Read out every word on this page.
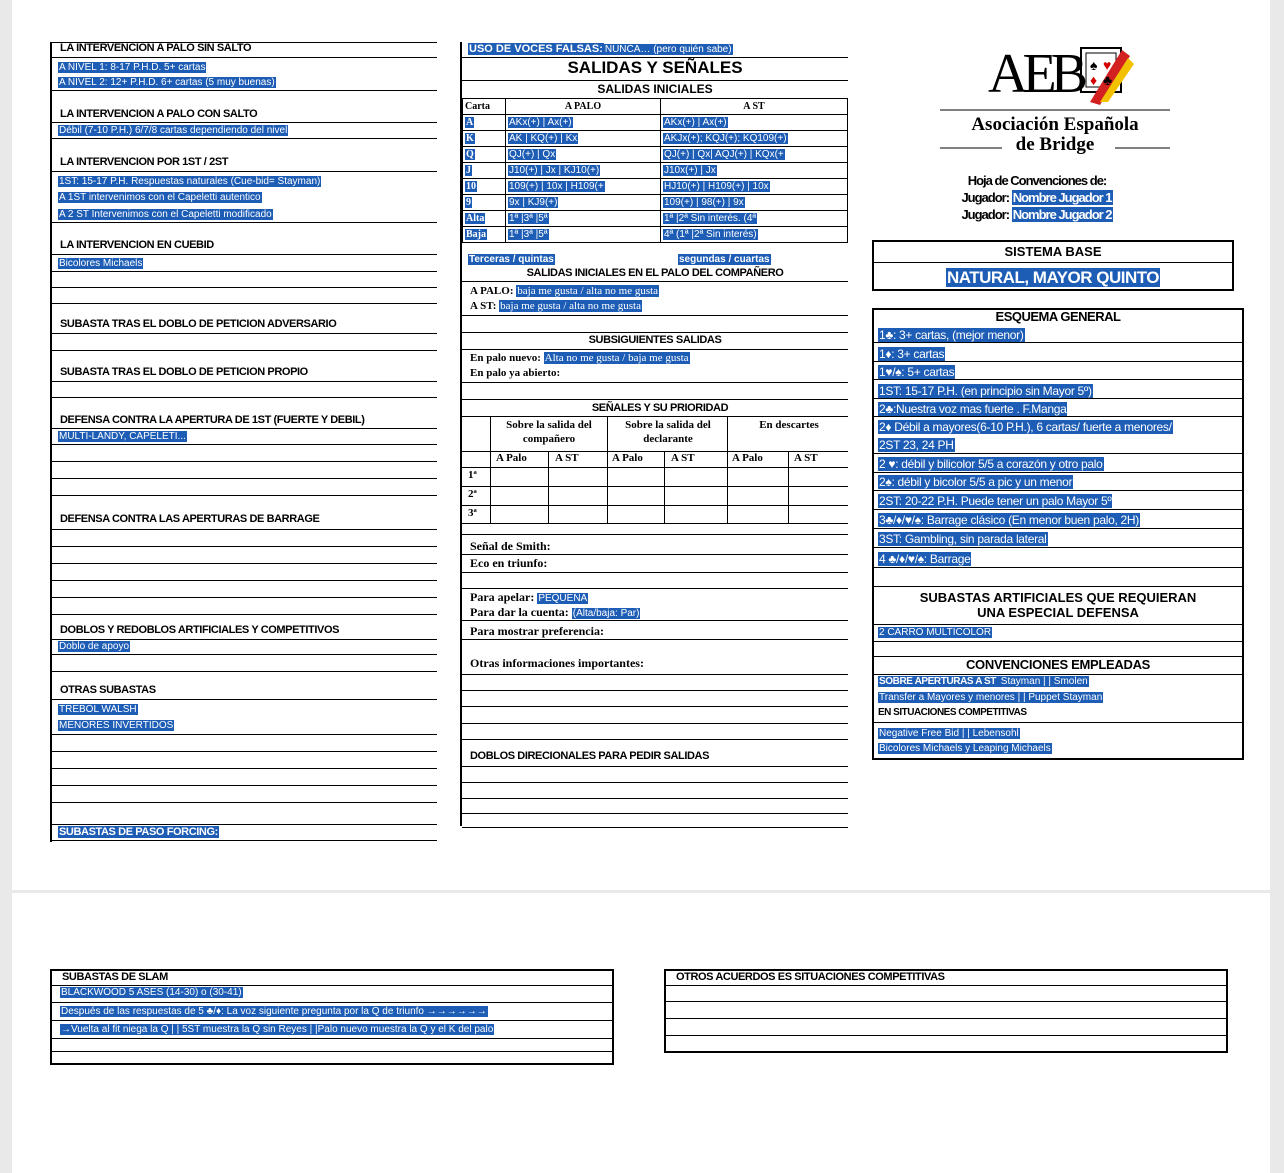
LA INTERVENCION A PALO SIN SALTO
A NIVEL 1: 8-17 P.H.D. 5+ cartas
A NIVEL 2: 12+ P.H.D. 6+ cartas (5 muy buenas)
LA INTERVENCION A PALO CON SALTO
Débil (7-10 P.H.) 6/7/8 cartas dependiendo del nivel
LA INTERVENCION POR 1ST / 2ST
1ST: 15-17 P.H. Respuestas naturales (Cue-bid= Stayman)
A 1ST intervenimos con el Capeletti autentico
A 2 ST Intervenimos con el Capeletti modificado
LA INTERVENCION EN CUEBID
Bicolores Michaels
SUBASTA TRAS EL DOBLO DE PETICION ADVERSARIO
SUBASTA TRAS EL DOBLO DE PETICION PROPIO
DEFENSA CONTRA LA APERTURA DE 1ST (FUERTE Y DEBIL)
MULTI-LANDY, CAPELETI...
DEFENSA CONTRA LAS APERTURAS DE BARRAGE
DOBLOS Y REDOBLOS ARTIFICIALES Y COMPETITIVOS
Doblo de apoyo
OTRAS SUBASTAS
TREBOL WALSH
MENORES INVERTIDOS
SUBASTAS DE PASO FORCING:
USO DE VOCES FALSAS: NUNCA… (pero quién sabe)
SALIDAS Y SEÑALES
SALIDAS INICIALES
Carta	A PALO	A ST
A	AKx(+) | Ax(+)	AKx(+) | Ax(+)
K	AK | KQ(+) | Kx	AKJx(+); KQJ(+); KQ109(+)
Q	QJ(+) | Qx	QJ(+) | Qx| AQJ(+) | KQx(+
J	J10(+) | Jx | KJ10(+)	J10x(+) | Jx
10	109(+) | 10x | H109(+	HJ10(+) | H109(+) | 10x
9	9x | KJ9(+)	109(+) | 98(+) | 9x
Alta	1ª |3ª |5ª	1ª |2ª Sin interés. (4ª
Baja	1ª |3ª |5ª	4ª (1ª |2ª Sin interés)
Terceras / quintas	segundas / cuartas
SALIDAS INICIALES EN EL PALO DEL COMPAÑERO
A PALO: baja me gusta / alta no me gusta
A ST: baja me gusta / alta no me gusta
SUBSIGUIENTES SALIDAS
En palo nuevo: Alta no me gusta / baja me gusta
En palo ya abierto:
SEÑALES Y SU PRIORIDAD
Sobre la salida del compañero
Sobre la salida del declarante
En descartes
A Palo	A ST	A Palo	A ST	A Palo	A ST
1ª
2ª
3ª
Señal de Smith:
Eco en triunfo:
Para apelar: PEQUEÑA
Para dar la cuenta: (Alta/baja: Par)
Para mostrar preferencia:
Otras informaciones importantes:
DOBLOS DIRECIONALES PARA PEDIR SALIDAS
♠ ♥
♦ ♣
AEB
Asociación Española
de Bridge
Hoja de Convenciones de:
Jugador: Nombre Jugador 1
Jugador: Nombre Jugador 2
SISTEMA BASE
NATURAL, MAYOR QUINTO
ESQUEMA GENERAL
1♣: 3+ cartas, (mejor menor)
1♦: 3+ cartas
1♥/♠: 5+ cartas
1ST: 15-17 P.H. (en principio sin Mayor 5º)
2♣:Nuestra voz mas fuerte . F.Manga
2♦ Débil a mayores(6-10 P.H.), 6 cartas/ fuerte a menores/
2ST 23, 24 PH
2 ♥: débil y bilicolor 5/5 a corazón y otro palo
2♠: débil y bicolor 5/5 a pic y un menor
2ST: 20-22 P.H. Puede tener un palo Mayor 5º
3♣/♦/♥/♠: Barrage clásico (En menor buen palo, 2H)
3ST: Gambling, sin parada lateral
4 ♣/♦/♥/♠: Barrage
SUBASTAS ARTIFICIALES QUE REQUIERAN
UNA ESPECIAL DEFENSA
2 CARRO MULTICOLOR
CONVENCIONES EMPLEADAS
SOBRE APERTURAS A ST Stayman | | Smolen
Transfer a Mayores y menores | | Puppet Stayman
EN SITUACIONES COMPETITIVAS
Negative Free Bid | | Lebensohl
Bicolores Michaels y Leaping Michaels
SUBASTAS DE SLAM
BLACKWOOD 5 ASES (14-30) o (30-41)
Después de las respuestas de 5 ♣/♦: La voz siguiente pregunta por la Q de triunfo →→→→→→
→Vuelta al fit niega la Q | | 5ST muestra la Q sin Reyes | |Palo nuevo muestra la Q y el K del palo
OTROS ACUERDOS ES SITUACIONES COMPETITIVAS
